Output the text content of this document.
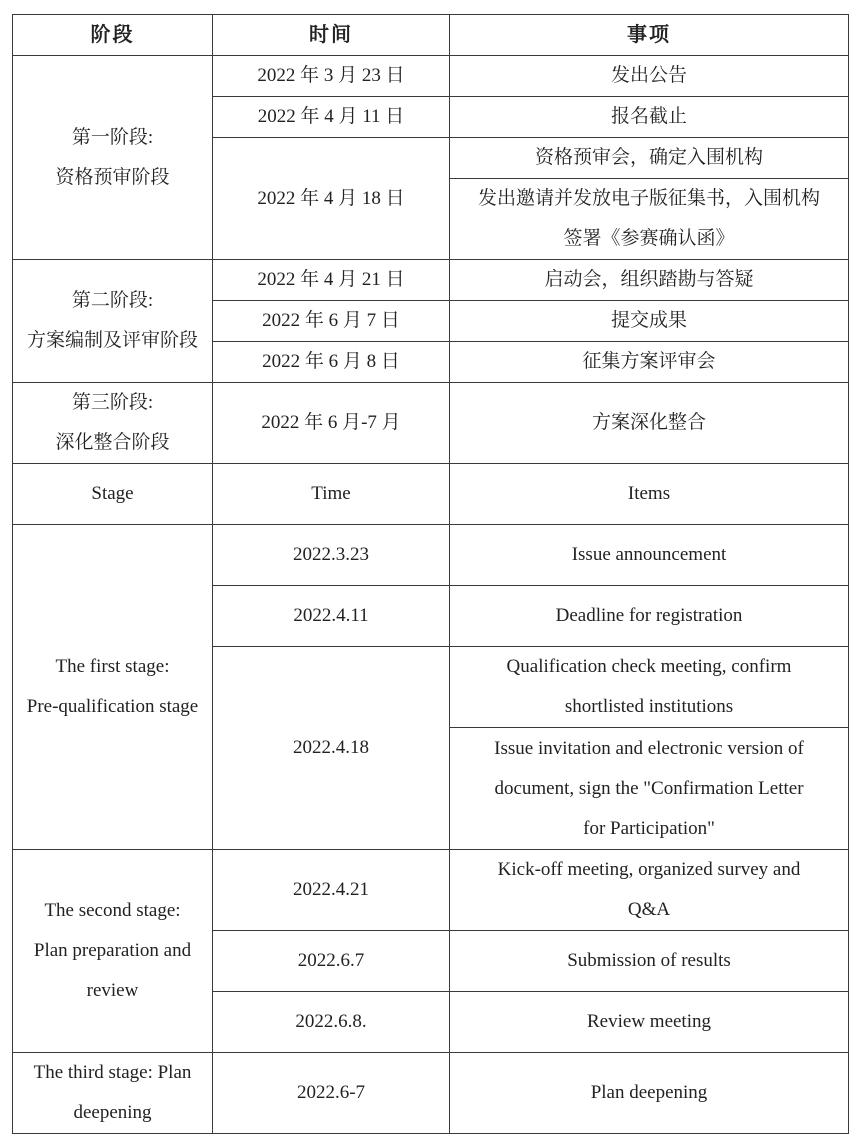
阶段	时间	事项

第一阶段:
资格预审阶段	2022 年 3 月 23 日	发出公告
	2022 年 4 月 11 日	报名截止
	2022 年 4 月 18 日	资格预审会，确定入围机构

		发出邀请并发放电子版征集书，入围机构
签署《参赛确认函》

第二阶段:
方案编制及评审阶段	2022 年 4 月 21 日	启动会，组织踏勘与答疑
	2022 年 6 月 7 日	提交成果
	2022 年 6 月 8 日	征集方案评审会

第三阶段:
深化整合阶段	2022 年 6 月-7 月	方案深化整合
Stage	Time	Items

The first stage:
Pre-qualification stage	2022.3.23	Issue announcement
	2022.4.11	Deadline for registration
	2022.4.18	Qualification check meeting, confirm
shortlisted institutions

		Issue invitation and electronic version of
document, sign the "Confirmation Letter
for Participation"

The second stage:
Plan preparation and
review	2022.4.21	Kick-off meeting, organized survey and
Q&A

	2022.6.7	Submission of results
	2022.6.8.	Review meeting

The third stage: Plan
deepening	2022.6-7	Plan deepening
